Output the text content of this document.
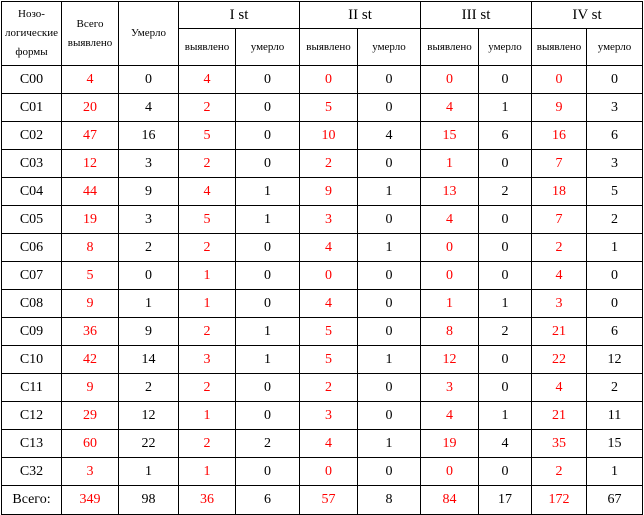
Нозо-логические формы	Всего выявлено	Умерло	I st		II st		III st		IV st	
			выявлено	умерло	выявлено	умерло	выявлено	умерло	выявлено	умерло
C00	4	0	4	0	0	0	0	0	0	0
C01	20	4	2	0	5	0	4	1	9	3
C02	47	16	5	0	10	4	15	6	16	6
C03	12	3	2	0	2	0	1	0	7	3
C04	44	9	4	1	9	1	13	2	18	5
C05	19	3	5	1	3	0	4	0	7	2
C06	8	2	2	0	4	1	0	0	2	1
C07	5	0	1	0	0	0	0	0	4	0
C08	9	1	1	0	4	0	1	1	3	0
C09	36	9	2	1	5	0	8	2	21	6
C10	42	14	3	1	5	1	12	0	22	12
C11	9	2	2	0	2	0	3	0	4	2
C12	29	12	1	0	3	0	4	1	21	11
C13	60	22	2	2	4	1	19	4	35	15
C32	3	1	1	0	0	0	0	0	2	1
Всего:	349	98	36	6	57	8	84	17	172	67
